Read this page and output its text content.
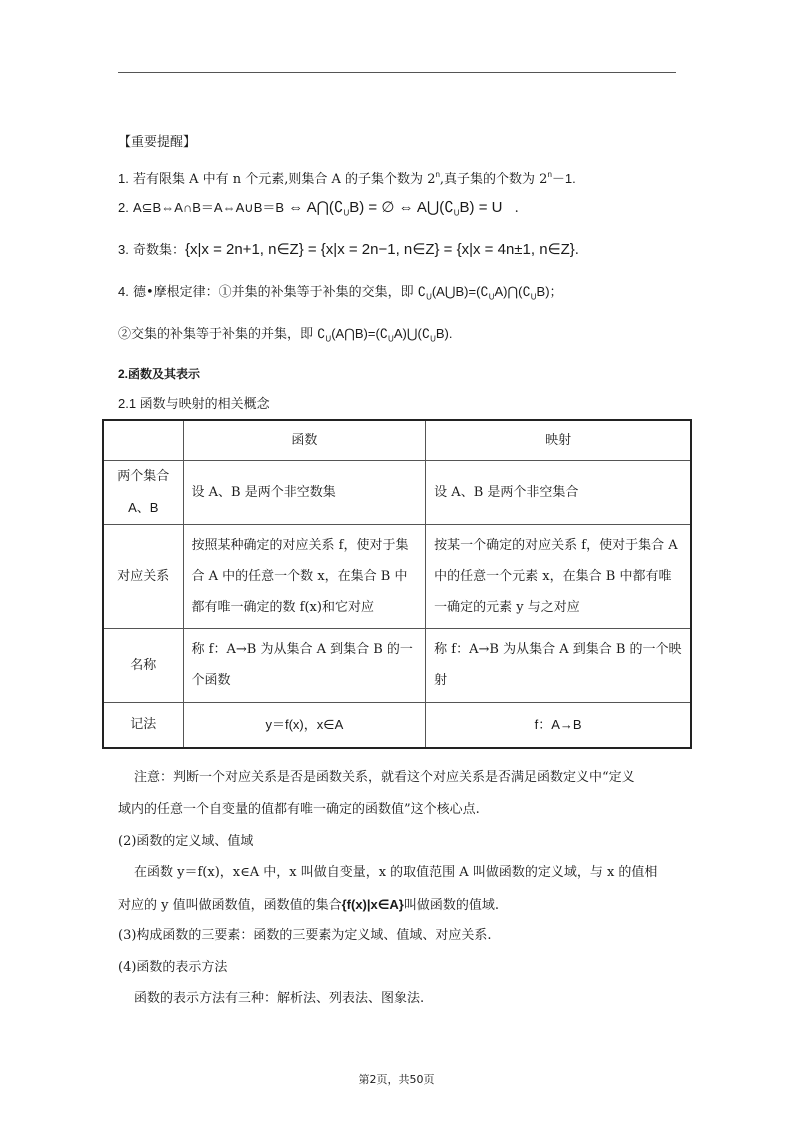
【重要提醒】
1. 若有限集 A 中有 n 个元素,则集合 A 的子集个数为 2$^n$,真子集的个数为 $2^n-1$.
2. A⊆B⇔A∩B＝A⇔A∪B＝B ⇔ $A⋂(∁_UB)$ = ∅ ⇔ $A⋃(∁_UB) = U$ .
3. 奇数集：{x|x = 2n+1, n∈Z} = {x|x = 2n−1, n∈Z} = {x|x = 4n±1, n∈Z}.
4. 德•摩根定律：①并集的补集等于补集的交集，即 $∁_U(A⋃B)=(∁_UA)⋂(∁_UB)$；
②交集的补集等于补集的并集，即 $∁_U(A⋂B)=(∁_UA)⋃(∁_UB)$.
2.函数及其表示
2.1 函数与映射的相关概念
	函数	映射

两个集合
A、B	设 A、B 是两个非空数集	设 A、B 是两个非空集合
对应关系	按照某种确定的对应关系 f，使对于集合 A 中的任意一个数 x，在集合 B 中都有唯一确定的数 f(x)和它对应	按某一个确定的对应关系 f，使对于集合 A 中的任意一个元素 x，在集合 B 中都有唯一确定的元素 y 与之对应
名称	称 f：A→B 为从集合 A 到集合 B 的一个函数	称 f：A→B 为从集合 A 到集合 B 的一个映射
记法	y＝f(x)，x∈A	f：A→B
注意：判断一个对应关系是否是函数关系，就看这个对应关系是否满足函数定义中“定义
域内的任意一个自变量的值都有唯一确定的函数值”这个核心点.
(2)函数的定义域、值域
在函数 y＝f(x)，x∈A 中，x 叫做自变量，x 的取值范围 A 叫做函数的定义域，与 x 的值相
对应的 y 值叫做函数值，函数值的集合{f(x)|x∈A}叫做函数的值域.
(3)构成函数的三要素：函数的三要素为定义域、值域、对应关系.
(4)函数的表示方法
函数的表示方法有三种：解析法、列表法、图象法.
第2页，共50页
